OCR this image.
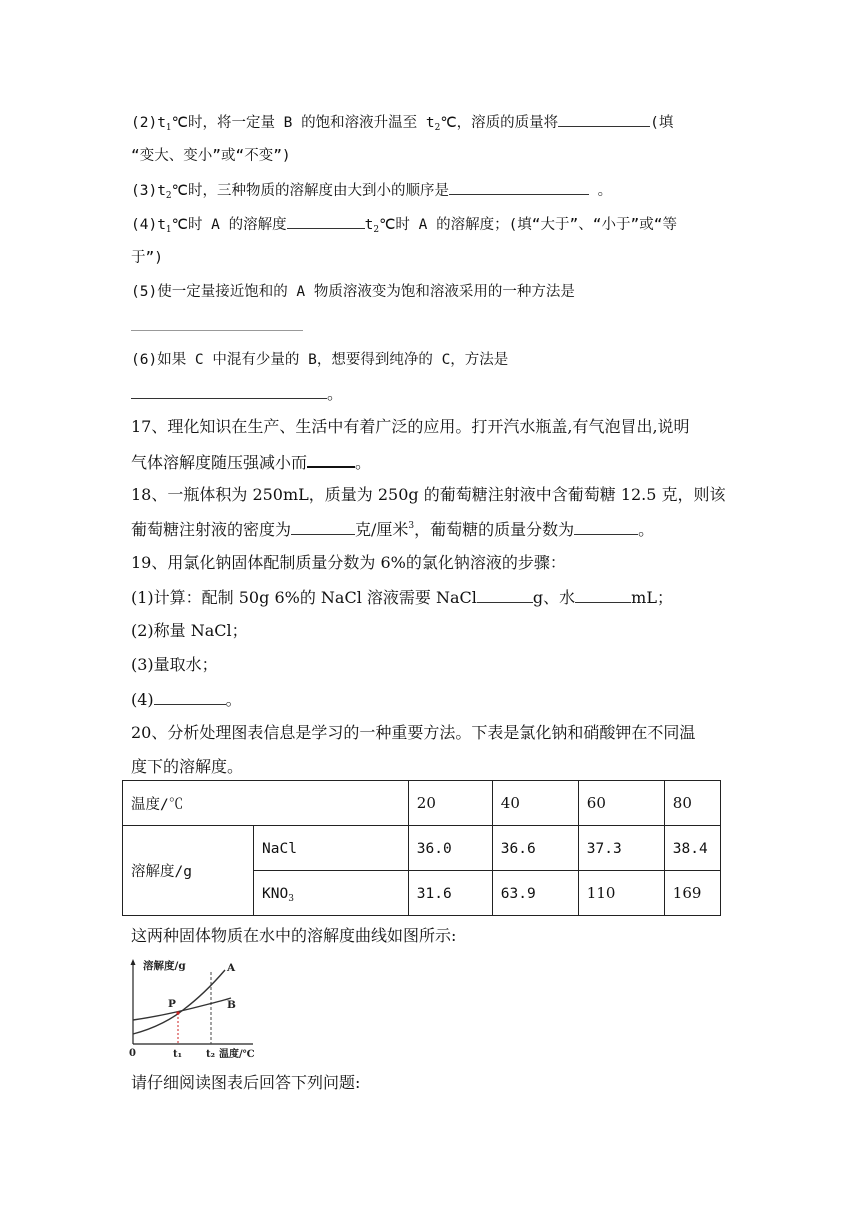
$(2)t_1℃$时，将一定量 B 的饱和溶液升温至 $t_2℃$，溶质的质量将	(填
“变大、变小”或“不变”)
$(3)t_2℃$时，三种物质的溶解度由大到小的顺序是	。
$(4)t_1℃$时 A 的溶解度	$t_2℃$时 A 的溶解度；(填“大于”、“小于”或“等
于”)
(5)使一定量接近饱和的 A 物质溶液变为饱和溶液采用的一种方法是
(6)如果 C 中混有少量的 B，想要得到纯净的 C，方法是
。
17、理化知识在生产、生活中有着广泛的应用。打开汽水瓶盖,有气泡冒出,说明
气体溶解度随压强减小而	。
18、一瓶体积为 250mL，质量为 250g 的葡萄糖注射液中含葡萄糖 12.5 克，则该
葡萄糖注射液的密度为	克/厘米$^3$，葡萄糖的质量分数为	。
19、用氯化钠固体配制质量分数为 6%的氯化钠溶液的步骤：
(1)计算：配制 50g 6%的 NaCl 溶液需要 NaCl	g、水	mL；
(2)称量 NaCl；
(3)量取水；
(4)	。
20、分析处理图表信息是学习的一种重要方法。下表是氯化钠和硝酸钾在不同温
度下的溶解度。
温度/℃		20	40	60	80
溶解度/g	NaCl	36.0	36.6	37.3	38.4
	$KNO_3$	31.6	63.9	110	169
这两种固体物质在水中的溶解度曲线如图所示:
溶解度/g
温度/℃
0	t₁ t₂
A
B
P
请仔细阅读图表后回答下列问题:
